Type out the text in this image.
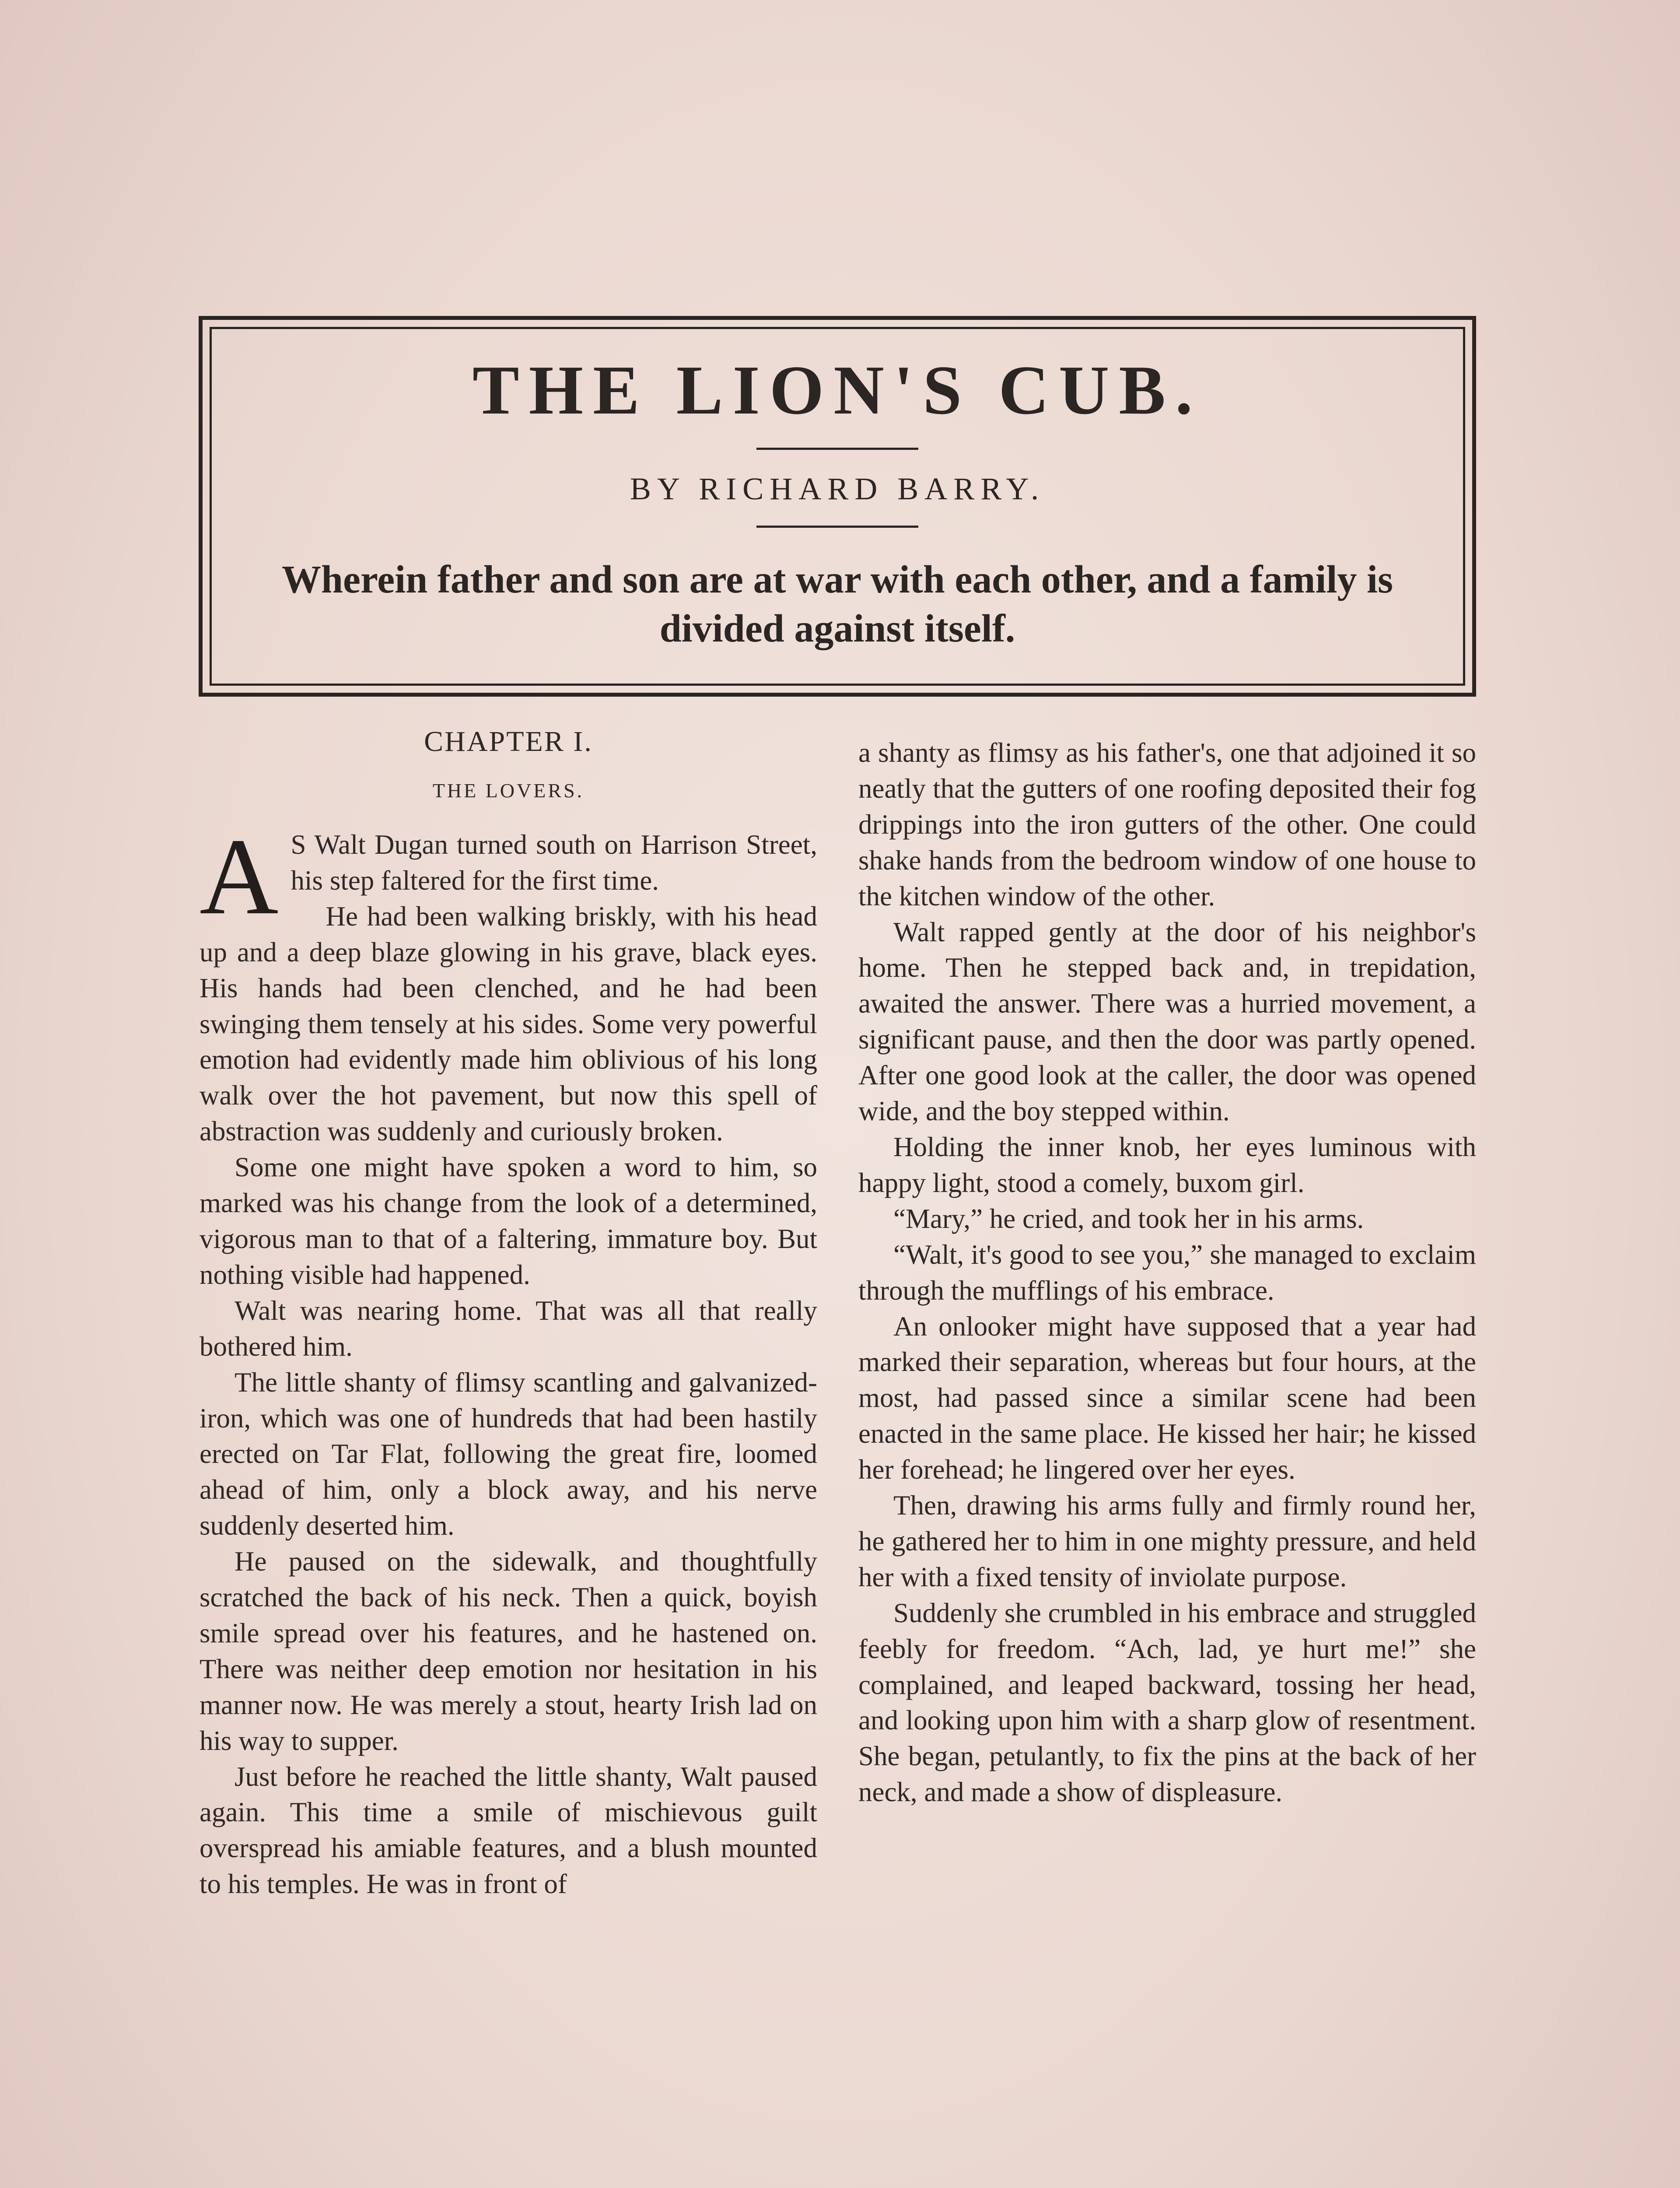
THE LION'S CUB.
BY RICHARD BARRY.
Wherein father and son are at war with each other, and a family is divided against itself.
CHAPTER I.
THE LOVERS.

A S Walt Dugan turned south on Harrison Street, his step faltered for the first time.

He had been walking briskly, with his head up and a deep blaze glowing in his grave, black eyes. His hands had been clenched, and he had been swinging them tensely at his sides. Some very powerful emotion had evidently made him oblivious of his long walk over the hot pavement, but now this spell of abstraction was suddenly and curiously broken.

Some one might have spoken a word to him, so marked was his change from the look of a determined, vigorous man to that of a faltering, immature boy. But nothing visible had happened.

Walt was nearing home. That was all that really bothered him.

The little shanty of flimsy scantling and galvanized-iron, which was one of hundreds that had been hastily erected on Tar Flat, following the great fire, loomed ahead of him, only a block away, and his nerve suddenly deserted him.

He paused on the sidewalk, and thoughtfully scratched the back of his neck. Then a quick, boyish smile spread over his features, and he hastened on. There was neither deep emotion nor hesitation in his manner now. He was merely a stout, hearty Irish lad on his way to supper.

Just before he reached the little shanty, Walt paused again. This time a smile of mischievous guilt overspread his amiable features, and a blush mounted to his temples. He was in front of

a shanty as flimsy as his father's, one that adjoined it so neatly that the gutters of one roofing deposited their fog drippings into the iron gutters of the other. One could shake hands from the bedroom window of one house to the kitchen window of the other.

Walt rapped gently at the door of his neighbor's home. Then he stepped back and, in trepidation, awaited the answer. There was a hurried movement, a significant pause, and then the door was partly opened. After one good look at the caller, the door was opened wide, and the boy stepped within.

Holding the inner knob, her eyes luminous with happy light, stood a comely, buxom girl.

“Mary,” he cried, and took her in his arms.

“Walt, it's good to see you,” she managed to exclaim through the mufflings of his embrace.

An onlooker might have supposed that a year had marked their separation, whereas but four hours, at the most, had passed since a similar scene had been enacted in the same place. He kissed her hair; he kissed her forehead; he lingered over her eyes.

Then, drawing his arms fully and firmly round her, he gathered her to him in one mighty pressure, and held her with a fixed tensity of inviolate purpose.

Suddenly she crumbled in his embrace and struggled feebly for freedom. “Ach, lad, ye hurt me!” she complained, and leaped backward, tossing her head, and looking upon him with a sharp glow of resentment. She began, petulantly, to fix the pins at the back of her neck, and made a show of displeasure.
